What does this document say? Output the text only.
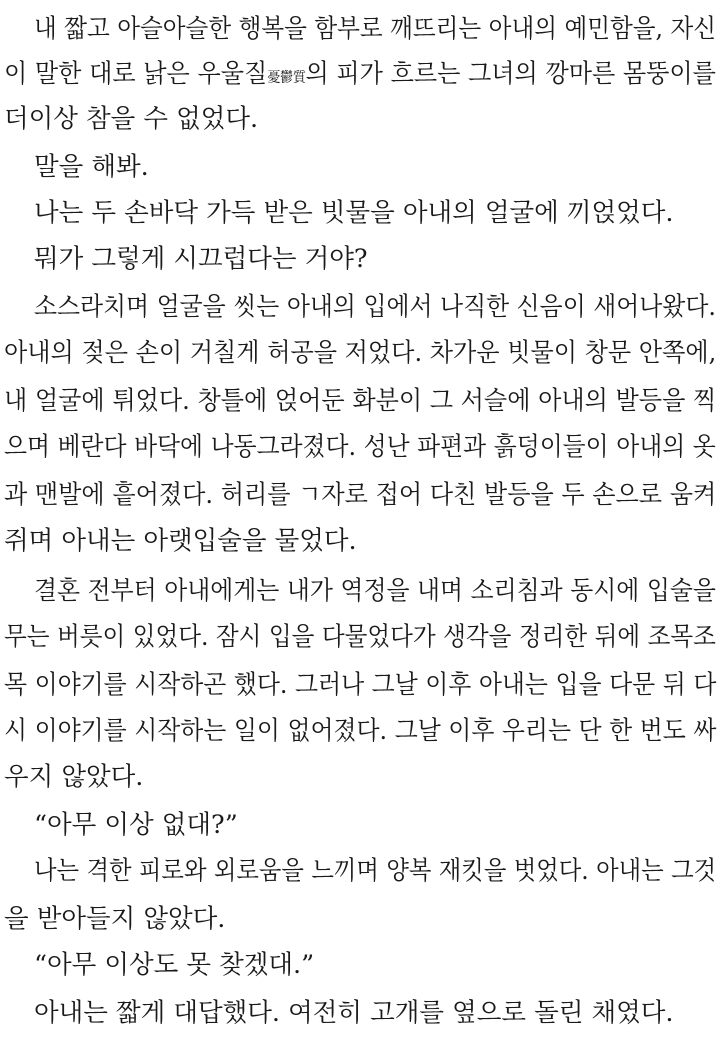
내 짧고 아슬아슬한 행복을 함부로 깨뜨리는 아내의 예민함을, 자신
이 말한 대로 낡은 우울질憂鬱質의 피가 흐르는 그녀의 깡마른 몸뚱이를
더이상 참을 수 없었다.
말을 해봐.
나는 두 손바닥 가득 받은 빗물을 아내의 얼굴에 끼얹었다.
뭐가 그렇게 시끄럽다는 거야?
소스라치며 얼굴을 씻는 아내의 입에서 나직한 신음이 새어나왔다.
아내의 젖은 손이 거칠게 허공을 저었다. 차가운 빗물이 창문 안쪽에,
내 얼굴에 튀었다. 창틀에 얹어둔 화분이 그 서슬에 아내의 발등을 찍
으며 베란다 바닥에 나동그라졌다. 성난 파편과 흙덩이들이 아내의 옷
과 맨발에 흩어졌다. 허리를 ㄱ자로 접어 다친 발등을 두 손으로 움켜
쥐며 아내는 아랫입술을 물었다.
결혼 전부터 아내에게는 내가 역정을 내며 소리침과 동시에 입술을
무는 버릇이 있었다. 잠시 입을 다물었다가 생각을 정리한 뒤에 조목조
목 이야기를 시작하곤 했다. 그러나 그날 이후 아내는 입을 다문 뒤 다
시 이야기를 시작하는 일이 없어졌다. 그날 이후 우리는 단 한 번도 싸
우지 않았다.
“아무 이상 없대?”
나는 격한 피로와 외로움을 느끼며 양복 재킷을 벗었다. 아내는 그것
을 받아들지 않았다.
“아무 이상도 못 찾겠대.”
아내는 짧게 대답했다. 여전히 고개를 옆으로 돌린 채였다.
